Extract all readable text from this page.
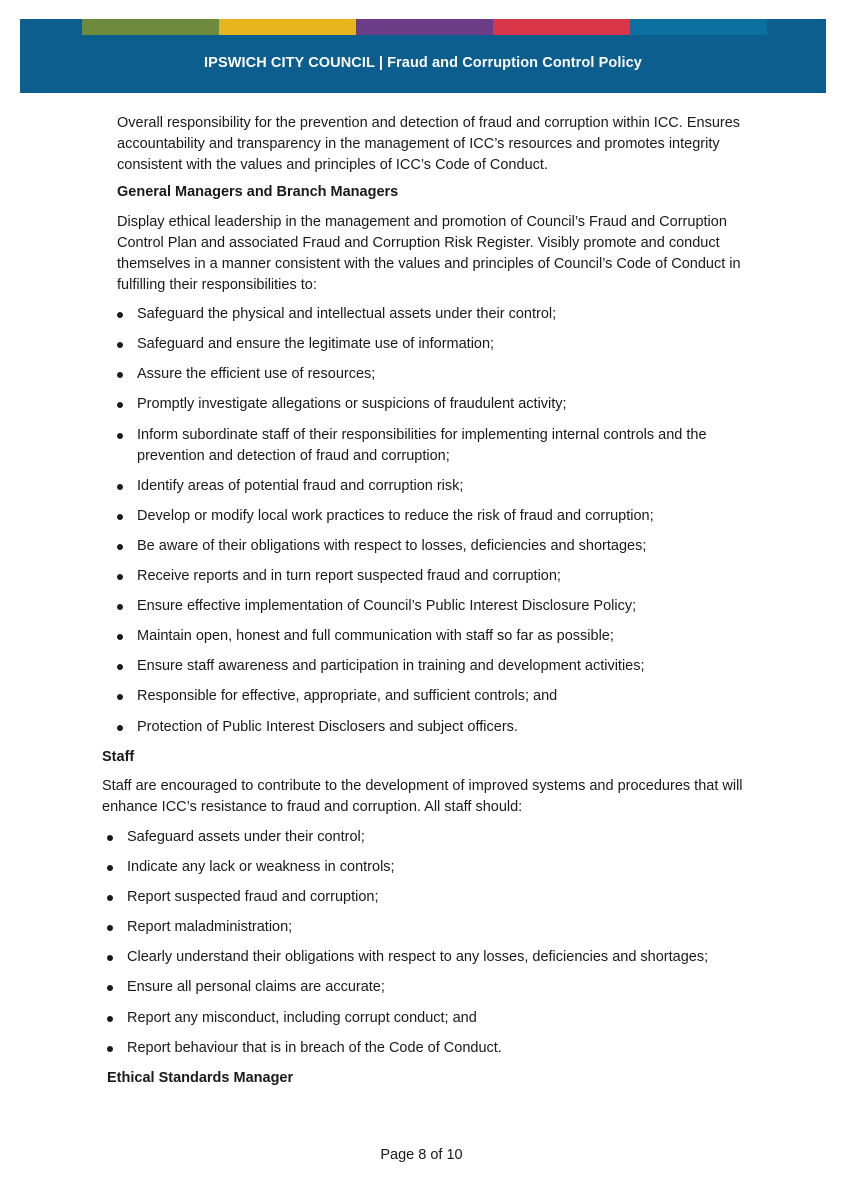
IPSWICH CITY COUNCIL | Fraud and Corruption Control Policy

Overall responsibility for the prevention and detection of fraud and corruption within ICC. Ensures accountability and transparency in the management of ICC’s resources and promotes integrity consistent with the values and principles of ICC’s Code of Conduct.

General Managers and Branch Managers

Display ethical leadership in the management and promotion of Council’s Fraud and Corruption Control Plan and associated Fraud and Corruption Risk Register. Visibly promote and conduct themselves in a manner consistent with the values and principles of Council’s Code of Conduct in fulfilling their responsibilities to:

Safeguard the physical and intellectual assets under their control;
Safeguard and ensure the legitimate use of information;
Assure the efficient use of resources;
Promptly investigate allegations or suspicions of fraudulent activity;
Inform subordinate staff of their responsibilities for implementing internal controls and the prevention and detection of fraud and corruption;
Identify areas of potential fraud and corruption risk;
Develop or modify local work practices to reduce the risk of fraud and corruption;
Be aware of their obligations with respect to losses, deficiencies and shortages;
Receive reports and in turn report suspected fraud and corruption;
Ensure effective implementation of Council’s Public Interest Disclosure Policy;
Maintain open, honest and full communication with staff so far as possible;
Ensure staff awareness and participation in training and development activities;
Responsible for effective, appropriate, and sufficient controls; and
Protection of Public Interest Disclosers and subject officers.

Staff

Staff are encouraged to contribute to the development of improved systems and procedures that will enhance ICC’s resistance to fraud and corruption. All staff should:

Safeguard assets under their control;
Indicate any lack or weakness in controls;
Report suspected fraud and corruption;
Report maladministration;
Clearly understand their obligations with respect to any losses, deficiencies and shortages;
Ensure all personal claims are accurate;
Report any misconduct, including corrupt conduct; and
Report behaviour that is in breach of the Code of Conduct.

Ethical Standards Manager

Page 8 of 10
